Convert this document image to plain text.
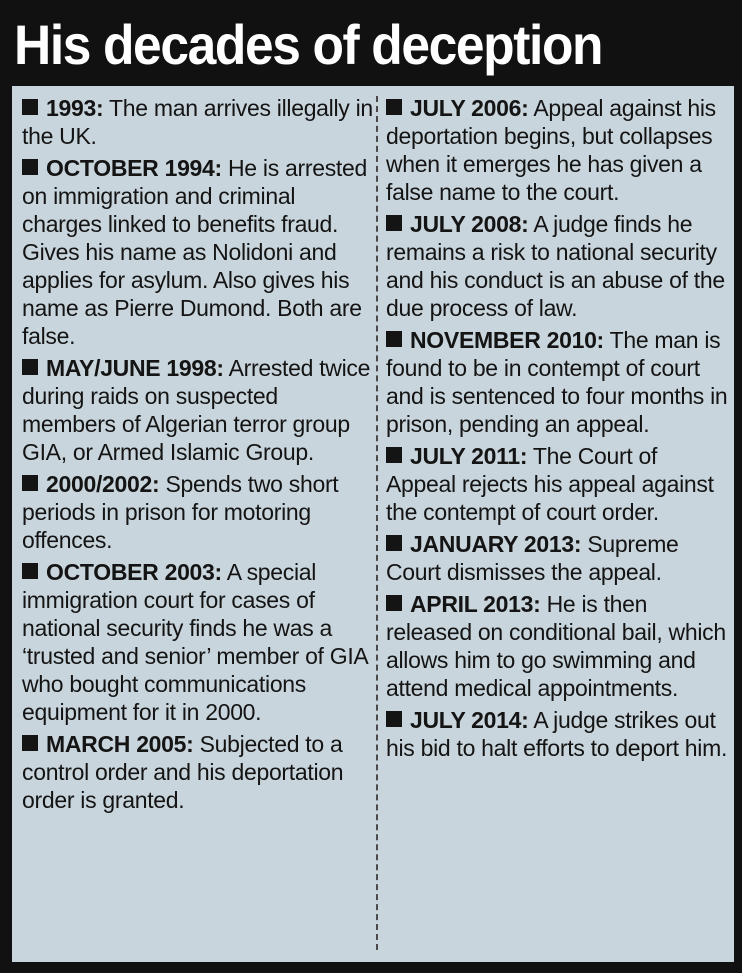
His decades of deception

1993: The man arrives illegally in the UK.

OCTOBER 1994: He is arrested on immigration and criminal charges linked to benefits fraud. Gives his name as Nolidoni and applies for asylum. Also gives his name as Pierre Dumond. Both are false.

MAY/JUNE 1998: Arrested twice during raids on suspected members of Algerian terror group GIA, or Armed Islamic Group.

2000/2002: Spends two short periods in prison for motoring offences.

OCTOBER 2003: A special immigration court for cases of national security finds he was a ‘trusted and senior’ member of GIA who bought communications equipment for it in 2000.

MARCH 2005: Subjected to a control order and his deportation order is granted.

JULY 2006: Appeal against his deportation begins, but collapses when it emerges he has given a false name to the court.

JULY 2008: A judge finds he remains a risk to national security and his conduct is an abuse of the due process of law.

NOVEMBER 2010: The man is found to be in contempt of court and is sentenced to four months in prison, pending an appeal.

JULY 2011: The Court of Appeal rejects his appeal against the contempt of court order.

JANUARY 2013: Supreme Court dismisses the appeal.

APRIL 2013: He is then released on conditional bail, which allows him to go swimming and attend medical appointments.

JULY 2014: A judge strikes out his bid to halt efforts to deport him.
